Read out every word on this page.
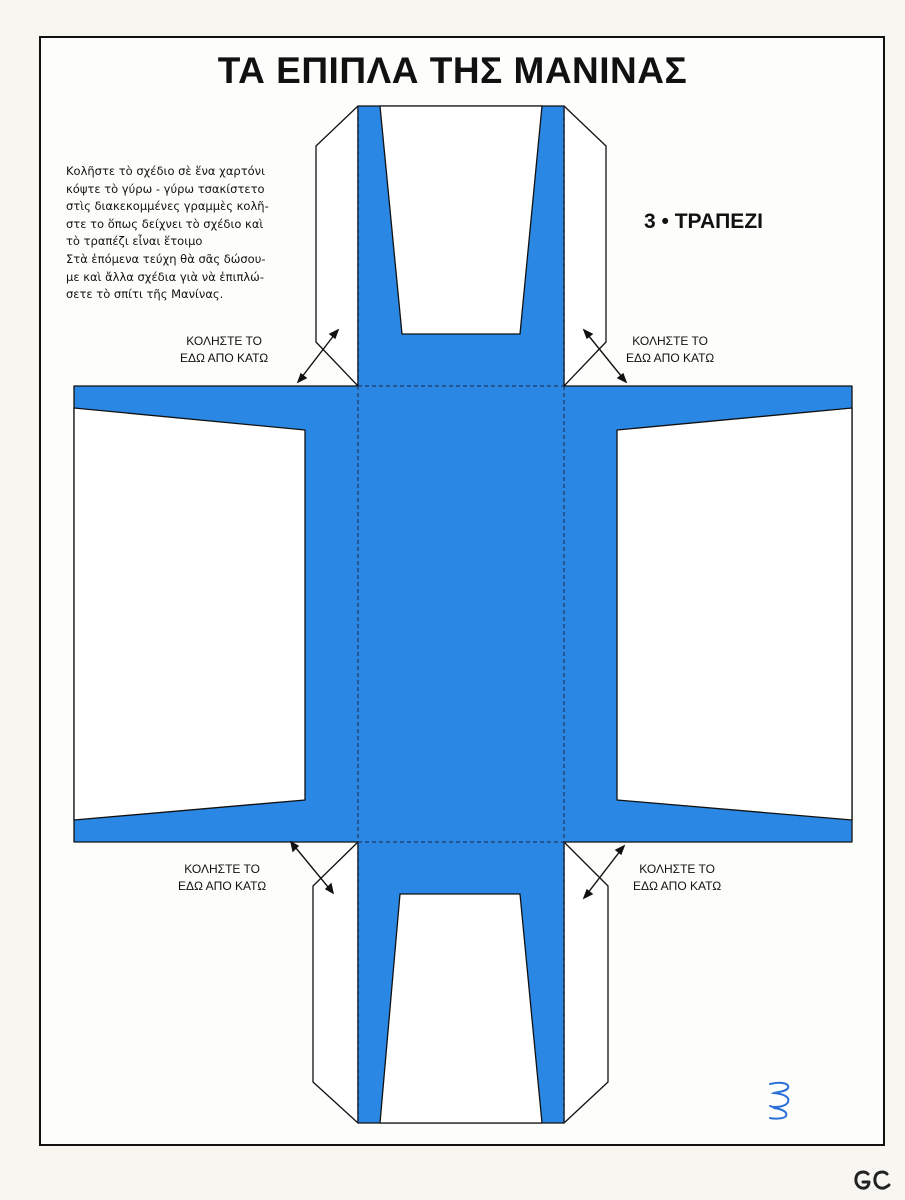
ΤΑ ΕΠΙΠΛΑ ΤΗΣ ΜΑΝΙΝΑΣ
Κολῆστε τὸ σχέδιο σὲ ἕνα χαρτόνι
κόψτε τὸ γύρω - γύρω τσακίστετο
στὶς διακεκομμένες γραμμὲς κολῆ-
στε το ὅπως δείχνει τὸ σχέδιο καὶ
τὸ τραπέζι εἶναι ἕτοιμο
Στὰ ἑπόμενα τεύχη θὰ σᾶς δώσου-
με καὶ ἄλλα σχέδια γιὰ νὰ ἐπιπλώ-
σετε τὸ σπίτι τῆς Μανίνας.
3 • ΤΡΑΠΕΖΙ
ΚΟΛΗΣΤΕ ΤΟ
ΕΔΩ ΑΠΟ ΚΑΤΩ
ΚΟΛΗΣΤΕ ΤΟ
ΕΔΩ ΑΠΟ ΚΑΤΩ
ΚΟΛΗΣΤΕ ΤΟ
ΕΔΩ ΑΠΟ ΚΑΤΩ
ΚΟΛΗΣΤΕ ΤΟ
ΕΔΩ ΑΠΟ ΚΑΤΩ
